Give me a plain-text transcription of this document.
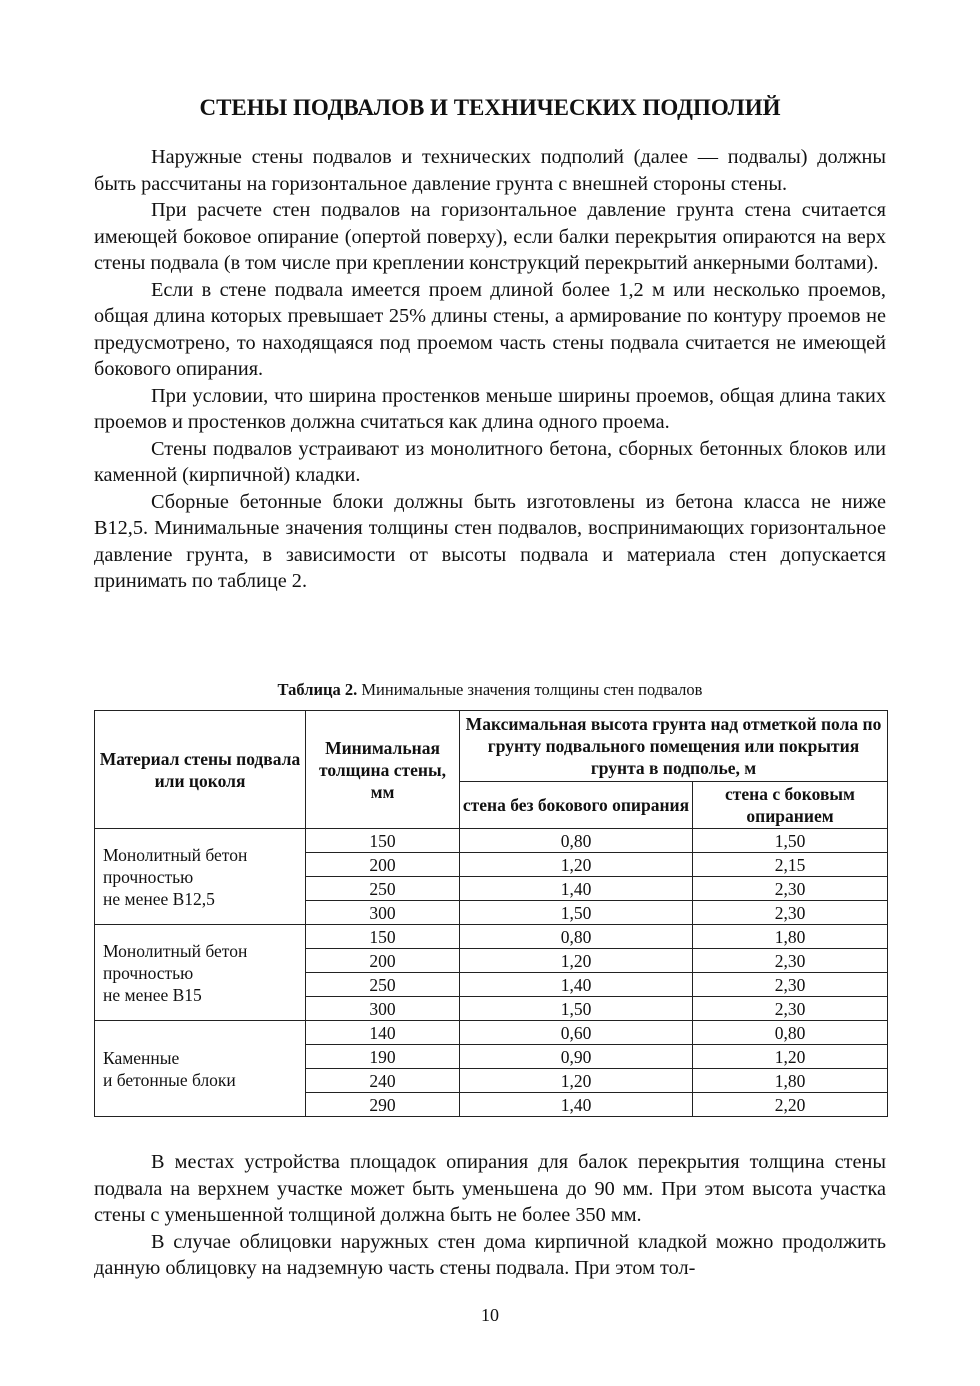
СТЕНЫ ПОДВАЛОВ И ТЕХНИЧЕСКИХ ПОДПОЛИЙ

Наружные стены подвалов и технических подполий (далее — подвалы) должны быть рассчитаны на горизонтальное давление грунта с внешней стороны стены.

При расчете стен подвалов на горизонтальное давление грунта стена считается имеющей боковое опирание (опертой поверху), если балки перекрытия опираются на верх стены подвала (в том числе при креплении конструкций перекрытий анкерными болтами).

Если в стене подвала имеется проем длиной более 1,2 м или несколько проемов, общая длина которых превышает 25% длины стены, а армирование по контуру проемов не предусмотрено, то находящаяся под проемом часть стены подвала считается не имеющей бокового опирания.

При условии, что ширина простенков меньше ширины проемов, общая длина таких проемов и простенков должна считаться как длина одного проема.

Стены подвалов устраивают из монолитного бетона, сборных бетонных блоков или каменной (кирпичной) кладки.

Сборные бетонные блоки должны быть изготовлены из бетона класса не ниже В12,5. Минимальные значения толщины стен подвалов, воспринимающих горизонтальное давление грунта, в зависимости от высоты подвала и материала стен допускается принимать по таблице 2.

Таблица 2. Минимальные значения толщины стен подвалов
Материал стены подвала или цоколя	Минимальная толщина стены, мм	Максимальная высота грунта над отметкой пола по грунту подвального помещения или покрытия грунта в подполье, м	
		стена без бокового опирания	стена с боковым опиранием
Монолитный бетон
прочностью
не менее В12,5	150	0,80	1,50
	200	1,20	2,15
	250	1,40	2,30
	300	1,50	2,30
Монолитный бетон
прочностью
не менее В15	150	0,80	1,80
	200	1,20	2,30
	250	1,40	2,30
	300	1,50	2,30
Каменные
и бетонные блоки	140	0,60	0,80
	190	0,90	1,20
	240	1,20	1,80
	290	1,40	2,20

В местах устройства площадок опирания для балок перекрытия толщина стены подвала на верхнем участке может быть уменьшена до 90 мм. При этом высота участка стены с уменьшенной толщиной должна быть не более 350 мм.

В случае облицовки наружных стен дома кирпичной кладкой можно продолжить данную облицовку на надземную часть стены подвала. При этом тол-

10
